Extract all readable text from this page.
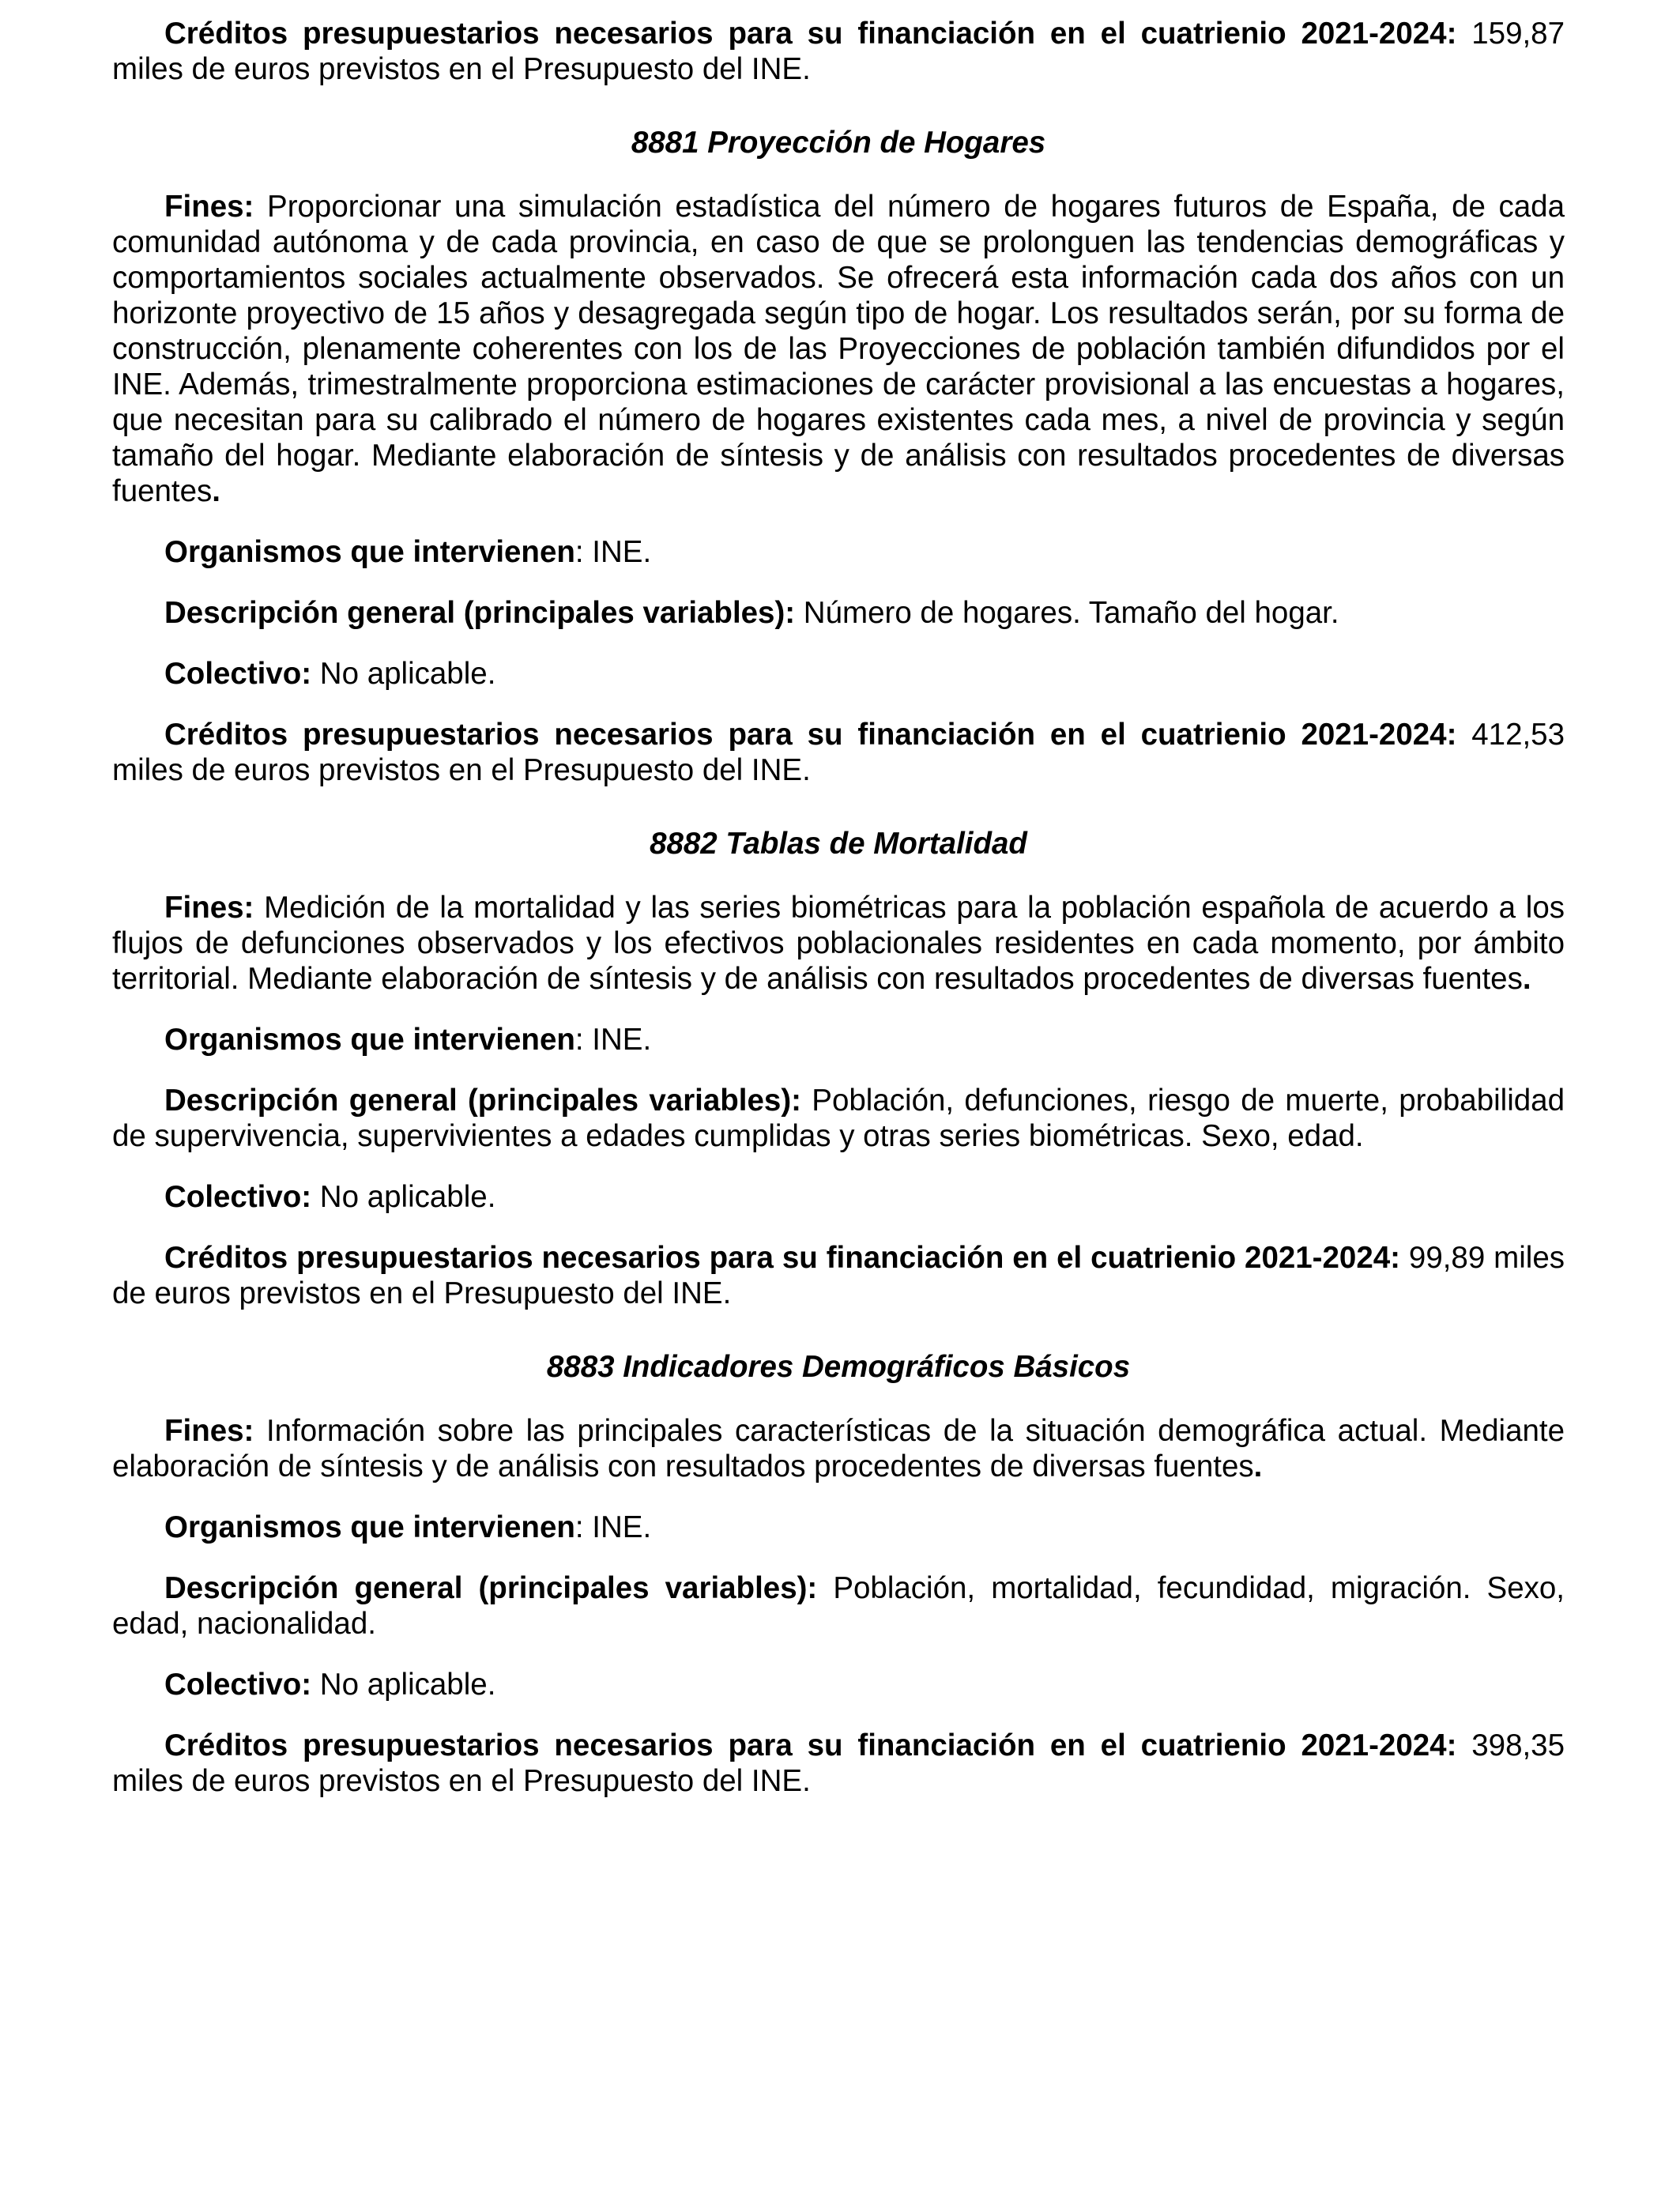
Créditos presupuestarios necesarios para su financiación en el cuatrienio 2021-2024: 159,87 miles de euros previstos en el Presupuesto del INE.

8881 Proyección de Hogares

Fines: Proporcionar una simulación estadística del número de hogares futuros de España, de cada comunidad autónoma y de cada provincia, en caso de que se prolonguen las tendencias demográficas y comportamientos sociales actualmente observados. Se ofrecerá esta información cada dos años con un horizonte proyectivo de 15 años y desagregada según tipo de hogar. Los resultados serán, por su forma de construcción, plenamente coherentes con los de las Proyecciones de población también difundidos por el INE. Además, trimestralmente proporciona estimaciones de carácter provisional a las encuestas a hogares, que necesitan para su calibrado el número de hogares existentes cada mes, a nivel de provincia y según tamaño del hogar. Mediante elaboración de síntesis y de análisis con resultados procedentes de diversas fuentes.

Organismos que intervienen: INE.

Descripción general (principales variables): Número de hogares. Tamaño del hogar.

Colectivo: No aplicable.

Créditos presupuestarios necesarios para su financiación en el cuatrienio 2021-2024: 412,53 miles de euros previstos en el Presupuesto del INE.

8882 Tablas de Mortalidad

Fines: Medición de la mortalidad y las series biométricas para la población española de acuerdo a los flujos de defunciones observados y los efectivos poblacionales residentes en cada momento, por ámbito territorial. Mediante elaboración de síntesis y de análisis con resultados procedentes de diversas fuentes.

Organismos que intervienen: INE.

Descripción general (principales variables): Población, defunciones, riesgo de muerte, probabilidad de supervivencia, supervivientes a edades cumplidas y otras series biométricas. Sexo, edad.

Colectivo: No aplicable.

Créditos presupuestarios necesarios para su financiación en el cuatrienio 2021-2024: 99,89 miles de euros previstos en el Presupuesto del INE.

8883 Indicadores Demográficos Básicos

Fines: Información sobre las principales características de la situación demográfica actual. Mediante elaboración de síntesis y de análisis con resultados procedentes de diversas fuentes.

Organismos que intervienen: INE.

Descripción general (principales variables): Población, mortalidad, fecundidad, migración. Sexo, edad, nacionalidad.

Colectivo: No aplicable.

Créditos presupuestarios necesarios para su financiación en el cuatrienio 2021-2024: 398,35 miles de euros previstos en el Presupuesto del INE.
